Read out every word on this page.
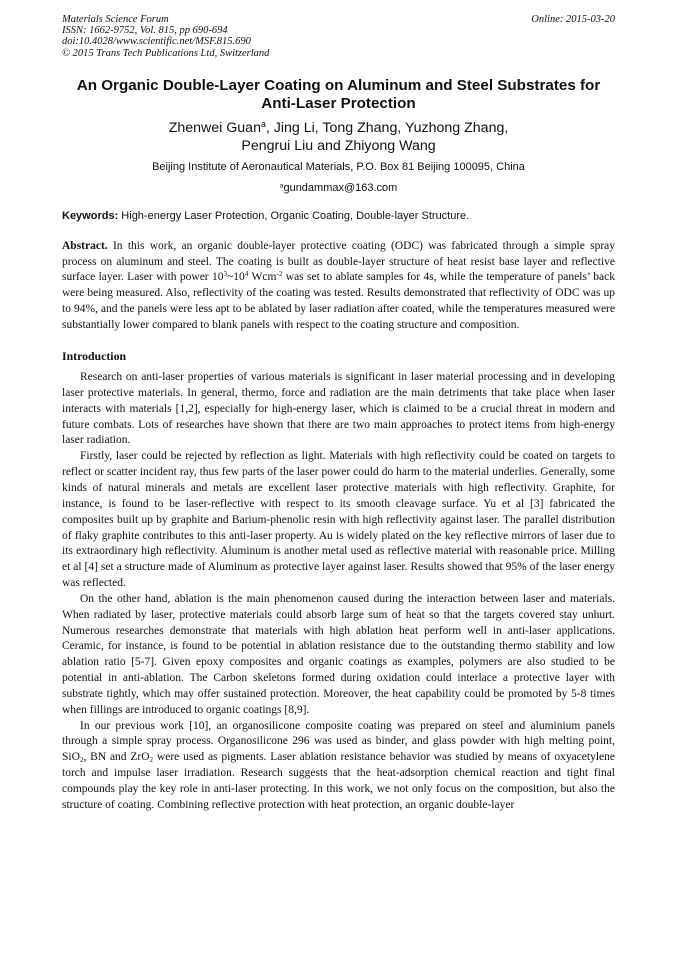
Materials Science Forum
ISSN: 1662-9752, Vol. 815, pp 690-694
doi:10.4028/www.scientific.net/MSF.815.690
© 2015 Trans Tech Publications Ltd, Switzerland
Online: 2015-03-20
An Organic Double-Layer Coating on Aluminum and Steel Substrates for Anti-Laser Protection
Zhenwei Guan$^a$, Jing Li, Tong Zhang, Yuzhong Zhang,
Pengrui Liu and Zhiyong Wang
Beijing Institute of Aeronautical Materials, P.O. Box 81 Beijing 100095, China
$^a$gundammax@163.com
Keywords: High-energy Laser Protection, Organic Coating, Double-layer Structure.
Abstract. In this work, an organic double-layer protective coating (ODC) was fabricated through a simple spray process on aluminum and steel. The coating is built as double-layer structure of heat resist base layer and reflective surface layer. Laser with power $10^3\sim 10^4$ Wcm$^{-2}$ was set to ablate samples for 4s, while the temperature of panels’ back were being measured. Also, reflectivity of the coating was tested. Results demonstrated that reflectivity of ODC was up to 94%, and the panels were less apt to be ablated by laser radiation after coated, while the temperatures measured were substantially lower compared to blank panels with respect to the coating structure and composition.
Introduction

Research on anti-laser properties of various materials is significant in laser material processing and in developing laser protective materials. In general, thermo, force and radiation are the main detriments that take place when laser interacts with materials [1,2], especially for high-energy laser, which is claimed to be a crucial threat in modern and future combats. Lots of researches have shown that there are two main approaches to protect items from high-energy laser radiation.

Firstly, laser could be rejected by reflection as light. Materials with high reflectivity could be coated on targets to reflect or scatter incident ray, thus few parts of the laser power could do harm to the material underlies. Generally, some kinds of natural minerals and metals are excellent laser protective materials with high reflectivity. Graphite, for instance, is found to be laser-reflective with respect to its smooth cleavage surface. Yu et al [3] fabricated the composites built up by graphite and Barium-phenolic resin with high reflectivity against laser. The parallel distribution of flaky graphite contributes to this anti-laser property. Au is widely plated on the key reflective mirrors of laser due to its extraordinary high reflectivity. Aluminum is another metal used as reflective material with reasonable price. Milling et al [4] set a structure made of Aluminum as protective layer against laser. Results showed that 95% of the laser energy was reflected.

On the other hand, ablation is the main phenomenon caused during the interaction between laser and materials. When radiated by laser, protective materials could absorb large sum of heat so that the targets covered stay unhurt. Numerous researches demonstrate that materials with high ablation heat perform well in anti-laser applications. Ceramic, for instance, is found to be potential in ablation resistance due to the outstanding thermo stability and low ablation ratio [5-7]. Given epoxy composites and organic coatings as examples, polymers are also studied to be potential in anti-ablation. The Carbon skeletons formed during oxidation could interlace a protective layer with substrate tightly, which may offer sustained protection. Moreover, the heat capability could be promoted by 5-8 times when fillings are introduced to organic coatings [8,9].

In our previous work [10], an organosilicone composite coating was prepared on steel and aluminium panels through a simple spray process. Organosilicone 296 was used as binder, and glass powder with high melting point, SiO$_2$, BN and ZrO$_2$ were used as pigments. Laser ablation resistance behavior was studied by means of oxyacetylene torch and impulse laser irradiation. Research suggests that the heat-adsorption chemical reaction and tight final compounds play the key role in anti-laser protecting. In this work, we not only focus on the composition, but also the structure of coating. Combining reflective protection with heat protection, an organic double-layer
